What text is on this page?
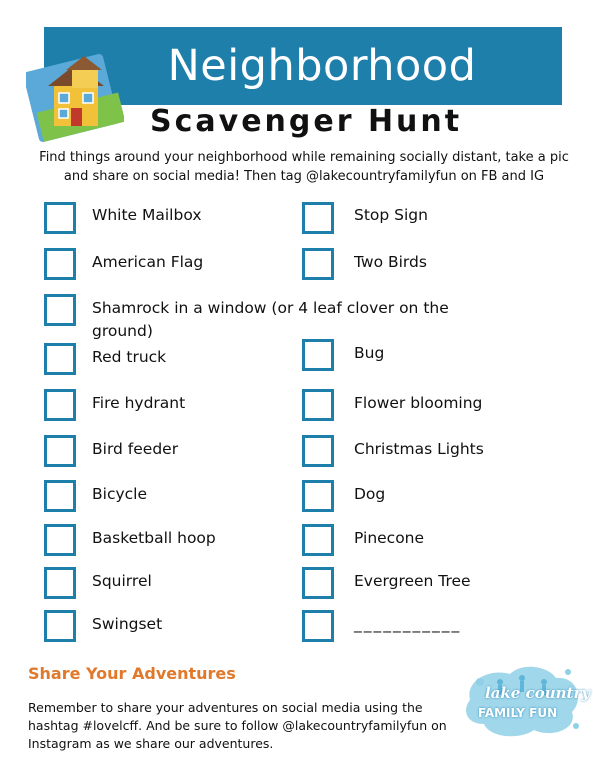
Neighborhood
Scavenger Hunt
Find things around your neighborhood while remaining socially distant, take a pic and share on social media! Then tag @lakecountryfamilyfun on FB and IG
White Mailbox
American Flag
Shamrock in a window (or 4 leaf clover on the ground)
Red truck
Fire hydrant
Bird feeder
Bicycle
Basketball hoop
Squirrel
Swingset
Stop Sign
Two Birds
Bug
Flower blooming
Christmas Lights
Dog
Pinecone
Evergreen Tree
___________
Share Your Adventures
Remember to share your adventures on social media using the hashtag #lovelcff. And be sure to follow @lakecountryfamilyfun on Instagram as we share our adventures.
lake country
FAMILY FUN
